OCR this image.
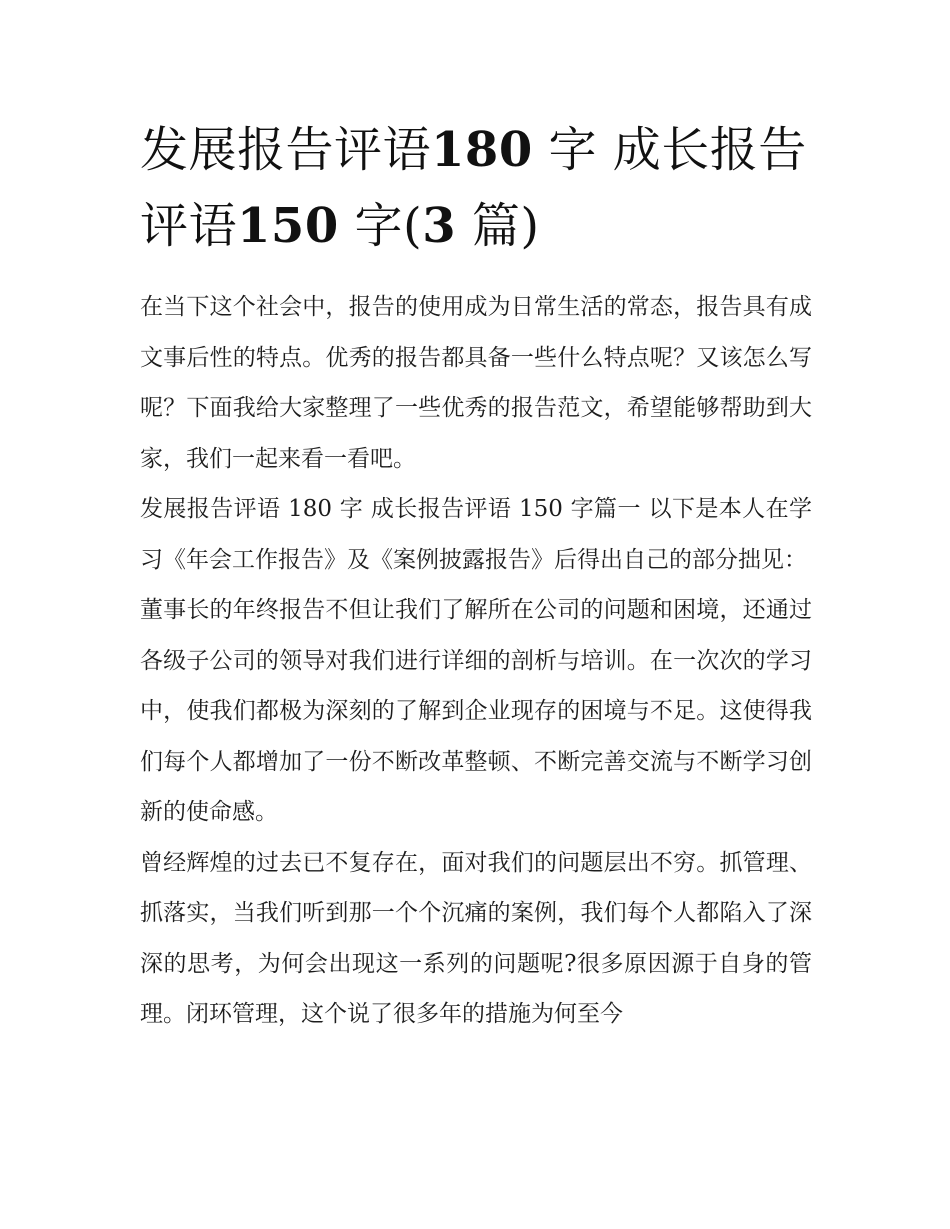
发展报告评语180 字 成长报告评语150 字(3 篇)

在当下这个社会中，报告的使用成为日常生活的常态，报告具有成文事后性的特点。优秀的报告都具备一些什么特点呢？又该怎么写呢？下面我给大家整理了一些优秀的报告范文，希望能够帮助到大家，我们一起来看一看吧。

发展报告评语 180 字 成长报告评语 150 字篇一 以下是本人在学习《年会工作报告》及《案例披露报告》后得出自己的部分拙见：

董事长的年终报告不但让我们了解所在公司的问题和困境，还通过各级子公司的领导对我们进行详细的剖析与培训。在一次次的学习中，使我们都极为深刻的了解到企业现存的困境与不足。这使得我们每个人都增加了一份不断改革整顿、不断完善交流与不断学习创新的使命感。

曾经辉煌的过去已不复存在，面对我们的问题层出不穷。抓管理、抓落实，当我们听到那一个个沉痛的案例，我们每个人都陷入了深深的思考，为何会出现这一系列的问题呢?很多原因源于自身的管理。闭环管理，这个说了很多年的措施为何至今
